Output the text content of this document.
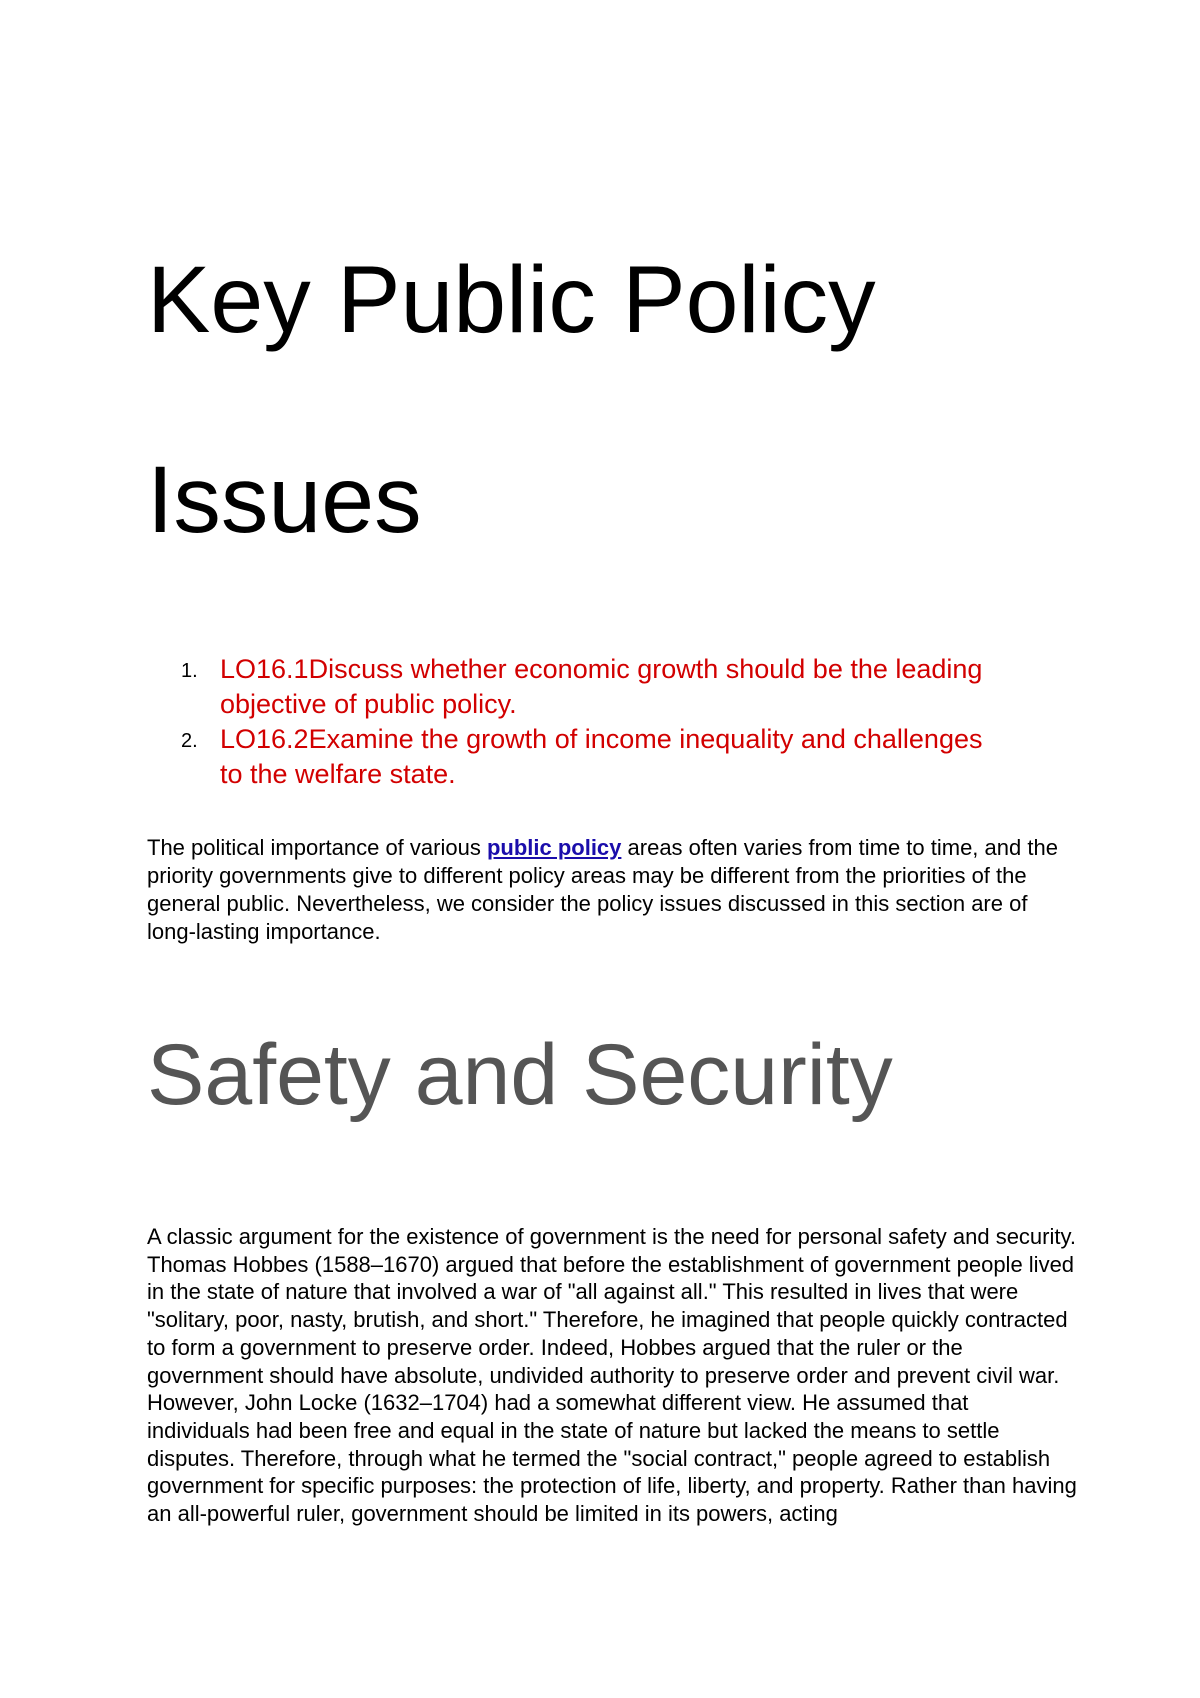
Key Public Policy
Issues
1. LO16.1Discuss whether economic growth should be the leading objective of public policy.
2. LO16.2Examine the growth of income inequality and challenges to the welfare state.

The political importance of various public policy areas often varies from time to time, and the priority governments give to different policy areas may be different from the priorities of the general public. Nevertheless, we consider the policy issues discussed in this section are of long-lasting importance.

Safety and Security

A classic argument for the existence of government is the need for personal safety and security. Thomas Hobbes (1588–1670) argued that before the establishment of government people lived in the state of nature that involved a war of "all against all." This resulted in lives that were "solitary, poor, nasty, brutish, and short." Therefore, he imagined that people quickly contracted to form a government to preserve order. Indeed, Hobbes argued that the ruler or the government should have absolute, undivided authority to preserve order and prevent civil war. However, John Locke (1632–1704) had a somewhat different view. He assumed that individuals had been free and equal in the state of nature but lacked the means to settle disputes. Therefore, through what he termed the "social contract," people agreed to establish government for specific purposes: the protection of life, liberty, and property. Rather than having an all-powerful ruler, government should be limited in its powers, acting
